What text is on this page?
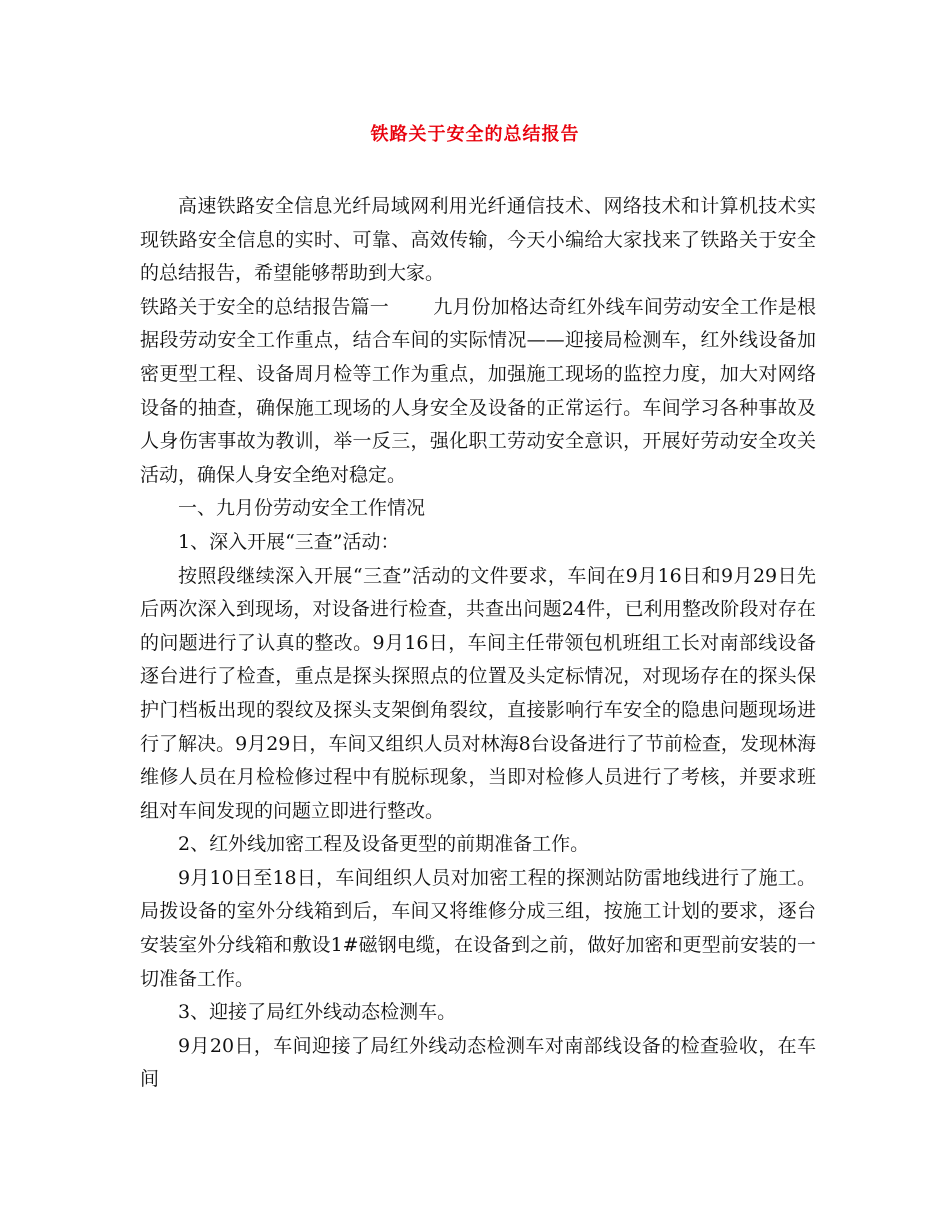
铁路关于安全的总结报告

高速铁路安全信息光纤局域网利用光纤通信技术、网络技术和计算机技术实现铁路安全信息的实时、可靠、高效传输，今天小编给大家找来了铁路关于安全的总结报告，希望能够帮助到大家。

铁路关于安全的总结报告篇一　　 九月份加格达奇红外线车间劳动安全工作是根据段劳动安全工作重点，结合车间的实际情况——迎接局检测车，红外线设备加密更型工程、设备周月检等工作为重点，加强施工现场的监控力度，加大对网络设备的抽查，确保施工现场的人身安全及设备的正常运行。车间学习各种事故及人身伤害事故为教训，举一反三，强化职工劳动安全意识，开展好劳动安全攻关活动，确保人身安全绝对稳定。

一、九月份劳动安全工作情况

1、深入开展“三查”活动：

按照段继续深入开展“三查”活动的文件要求，车间在9月16日和9月29日先后两次深入到现场，对设备进行检查，共查出问题24件，已利用整改阶段对存在的问题进行了认真的整改。9月16日，车间主任带领包机班组工长对南部线设备逐台进行了检查，重点是探头探照点的位置及头定标情况，对现场存在的探头保护门档板出现的裂纹及探头支架倒角裂纹，直接影响行车安全的隐患问题现场进行了解决。9月29日，车间又组织人员对林海8台设备进行了节前检查，发现林海维修人员在月检检修过程中有脱标现象，当即对检修人员进行了考核，并要求班组对车间发现的问题立即进行整改。

2、红外线加密工程及设备更型的前期准备工作。

9月10日至18日，车间组织人员对加密工程的探测站防雷地线进行了施工。局拨设备的室外分线箱到后，车间又将维修分成三组，按施工计划的要求，逐台安装室外分线箱和敷设1#磁钢电缆，在设备到之前，做好加密和更型前安装的一切准备工作。

3、迎接了局红外线动态检测车。

9月20日，车间迎接了局红外线动态检测车对南部线设备的检查验收，在车间
